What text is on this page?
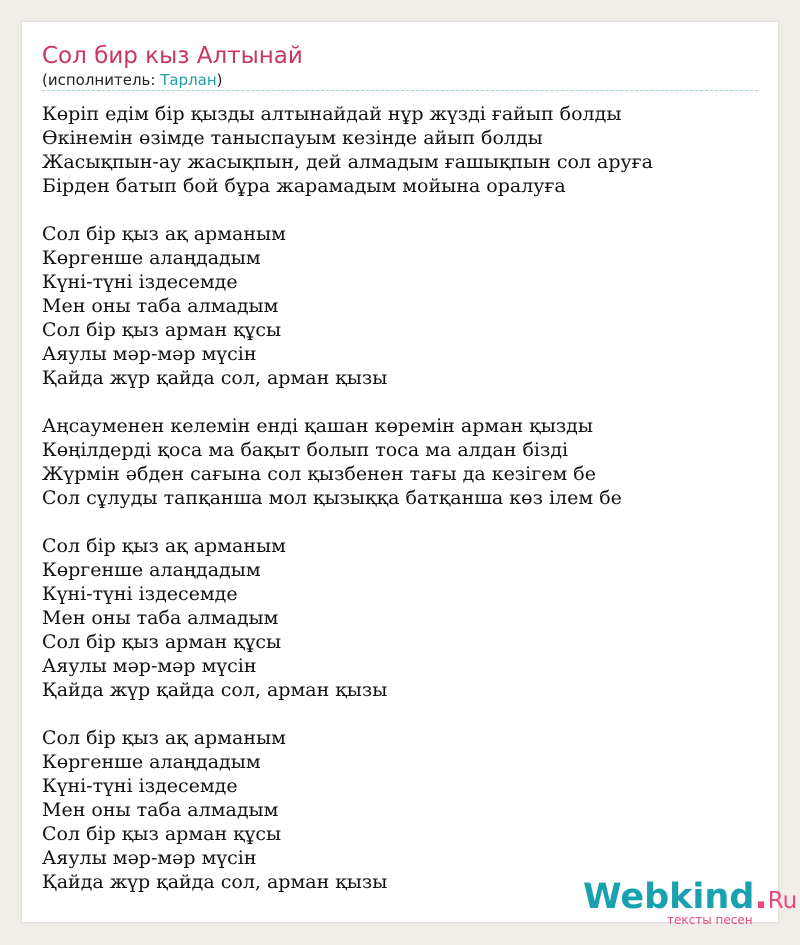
Сол бир кыз Алтынай
(исполнитель: Тарлан)
Көріп едім бір қызды алтынайдай нұр жүзді ғайып болды
Өкінемін өзімде таныспауым кезінде айып болды
Жасықпын-ау жасықпын, дей алмадым ғашықпын сол аруға
Бірден батып бой бұра жарамадым мойына оралуға
Сол бір қыз ақ арманым
Көргенше алаңдадым
Күні-түні іздесемде
Мен оны таба алмадым
Сол бір қыз арман құсы
Аяулы мәр-мәр мүсін
Қайда жүр қайда сол, арман қызы
Аңсауменен келемін енді қашан көремін арман қызды
Көңілдерді қоса ма бақыт болып тоса ма алдан бізді
Жүрмін әбден сағына сол қызбенен тағы да кезігем бе
Сол сұлуды тапқанша мол қызыққа батқанша көз ілем бе
Сол бір қыз ақ арманым
Көргенше алаңдадым
Күні-түні іздесемде
Мен оны таба алмадым
Сол бір қыз арман құсы
Аяулы мәр-мәр мүсін
Қайда жүр қайда сол, арман қызы
Сол бір қыз ақ арманым
Көргенше алаңдадым
Күні-түні іздесемде
Мен оны таба алмадым
Сол бір қыз арман құсы
Аяулы мәр-мәр мүсін
Қайда жүр қайда сол, арман қызы	Webkind.Ru
тексты песен
